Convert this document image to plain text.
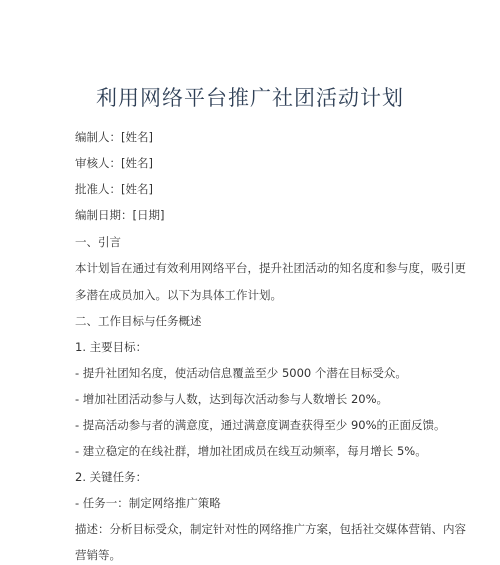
利用网络平台推广社团活动计划
编制人：[姓名]
审核人：[姓名]
批准人：[姓名]
编制日期：[日期]
一、引言
本计划旨在通过有效利用网络平台，提升社团活动的知名度和参与度，吸引更
多潜在成员加入。以下为具体工作计划。
二、工作目标与任务概述
1. 主要目标：
- 提升社团知名度，使活动信息覆盖至少 5000 个潜在目标受众。
- 增加社团活动参与人数，达到每次活动参与人数增长 20%。
- 提高活动参与者的满意度，通过满意度调查获得至少 90%的正面反馈。
- 建立稳定的在线社群，增加社团成员在线互动频率，每月增长 5%。
2. 关键任务：
- 任务一：制定网络推广策略
描述：分析目标受众，制定针对性的网络推广方案，包括社交媒体营销、内容
营销等。
